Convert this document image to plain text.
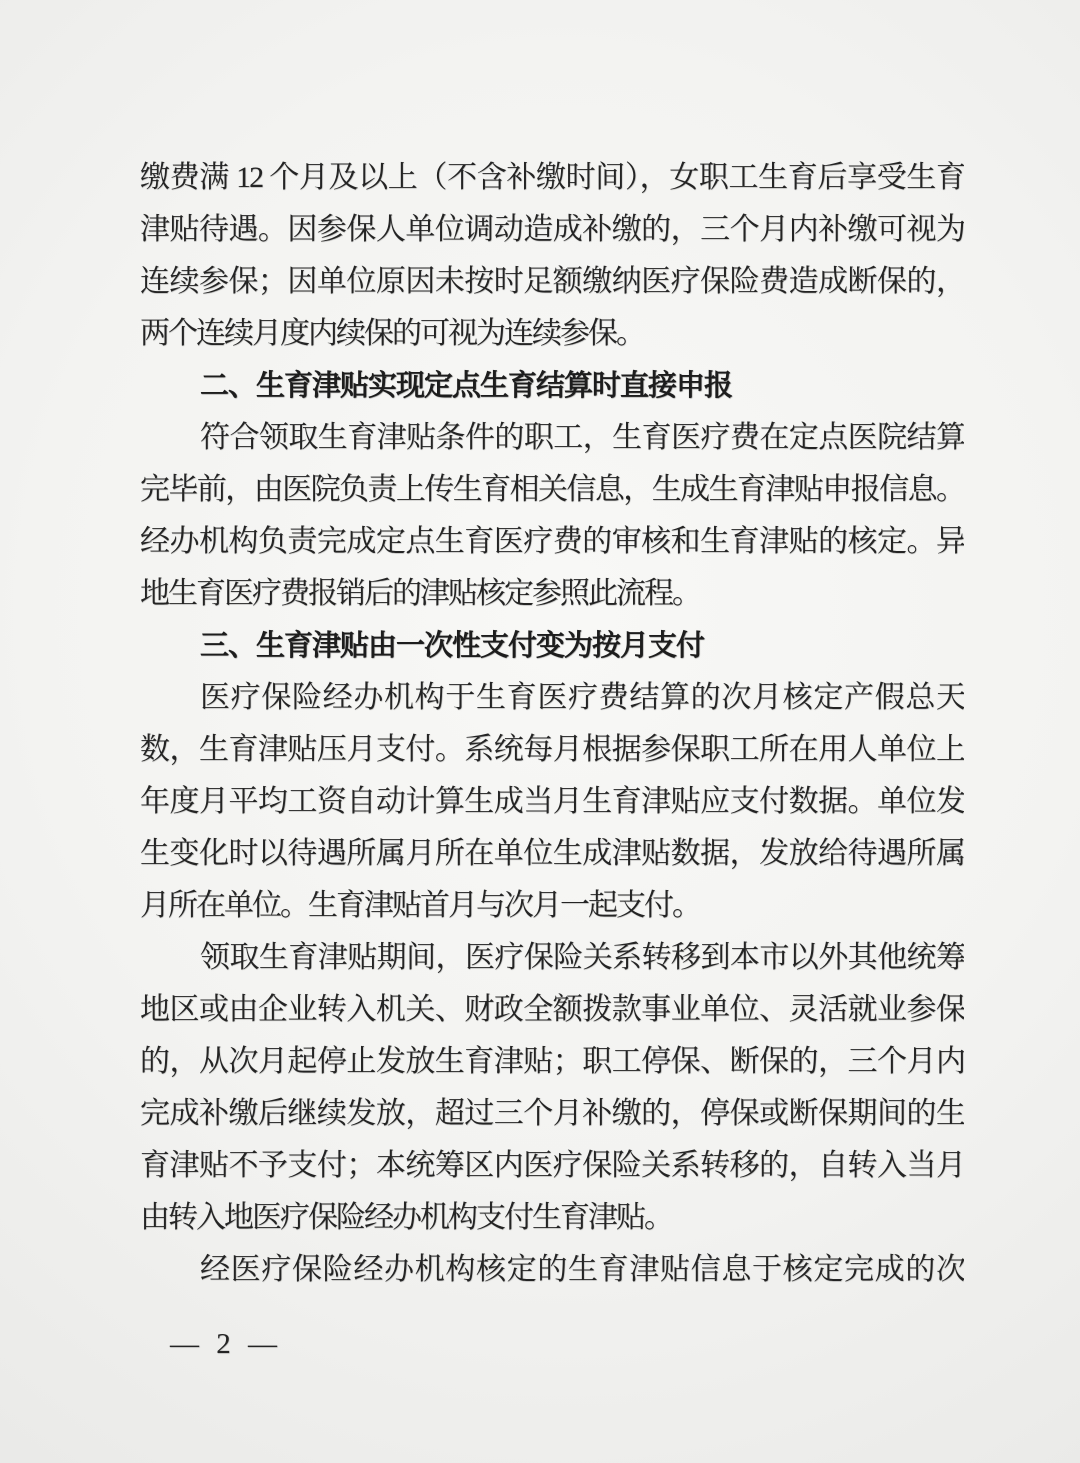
缴费满 12 个月及以上（不含补缴时间），女职工生育后享受生育
津贴待遇。因参保人单位调动造成补缴的，三个月内补缴可视为
连续参保；因单位原因未按时足额缴纳医疗保险费造成断保的，
两个连续月度内续保的可视为连续参保。
二、生育津贴实现定点生育结算时直接申报
符合领取生育津贴条件的职工，生育医疗费在定点医院结算
完毕前，由医院负责上传生育相关信息，生成生育津贴申报信息。
经办机构负责完成定点生育医疗费的审核和生育津贴的核定。异
地生育医疗费报销后的津贴核定参照此流程。
三、生育津贴由一次性支付变为按月支付
医疗保险经办机构于生育医疗费结算的次月核定产假总天
数，生育津贴压月支付。系统每月根据参保职工所在用人单位上
年度月平均工资自动计算生成当月生育津贴应支付数据。单位发
生变化时以待遇所属月所在单位生成津贴数据，发放给待遇所属
月所在单位。生育津贴首月与次月一起支付。
领取生育津贴期间，医疗保险关系转移到本市以外其他统筹
地区或由企业转入机关、财政全额拨款事业单位、灵活就业参保
的，从次月起停止发放生育津贴；职工停保、断保的，三个月内
完成补缴后继续发放，超过三个月补缴的，停保或断保期间的生
育津贴不予支付；本统筹区内医疗保险关系转移的，自转入当月
由转入地医疗保险经办机构支付生育津贴。
经医疗保险经办机构核定的生育津贴信息于核定完成的次
— 2 —
